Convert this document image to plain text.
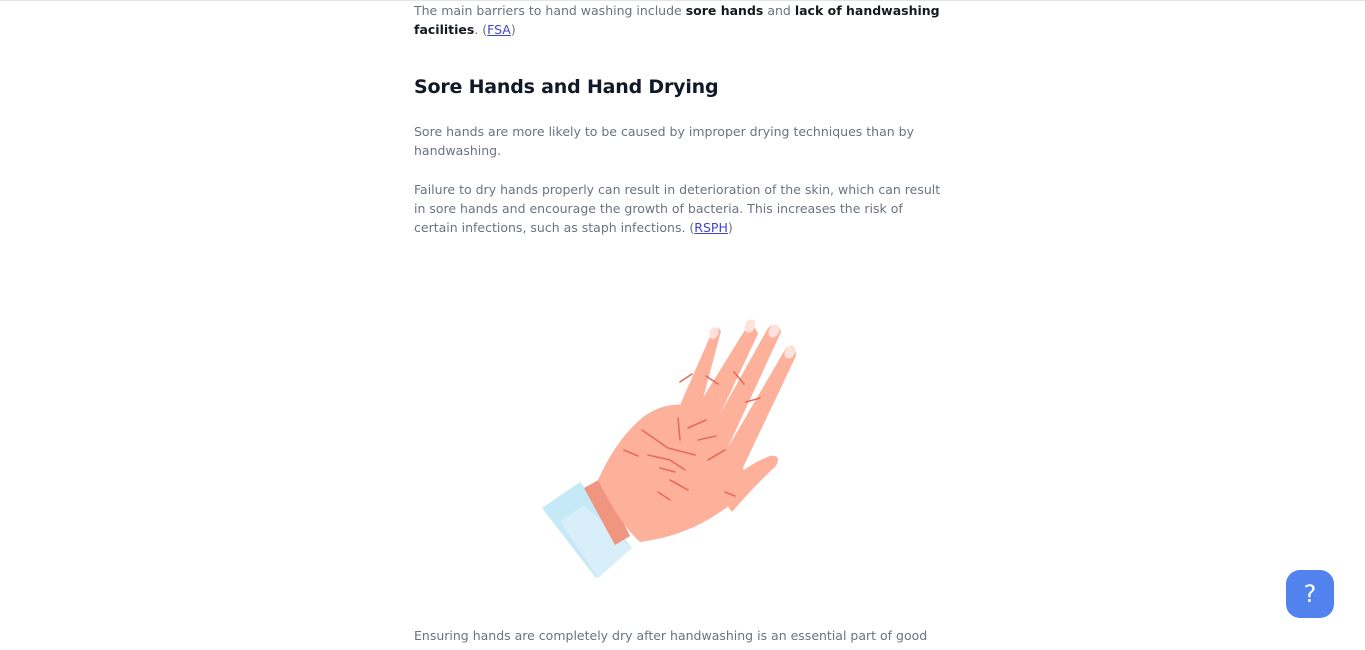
The main barriers to hand washing include sore hands and lack of handwashing facilities. (FSA)

Sore Hands and Hand Drying

Sore hands are more likely to be caused by improper drying techniques than by handwashing.

Failure to dry hands properly can result in deterioration of the skin, which can result in sore hands and encourage the growth of bacteria. This increases the risk of certain infections, such as staph infections. (RSPH)

Ensuring hands are completely dry after handwashing is an essential part of good

?
